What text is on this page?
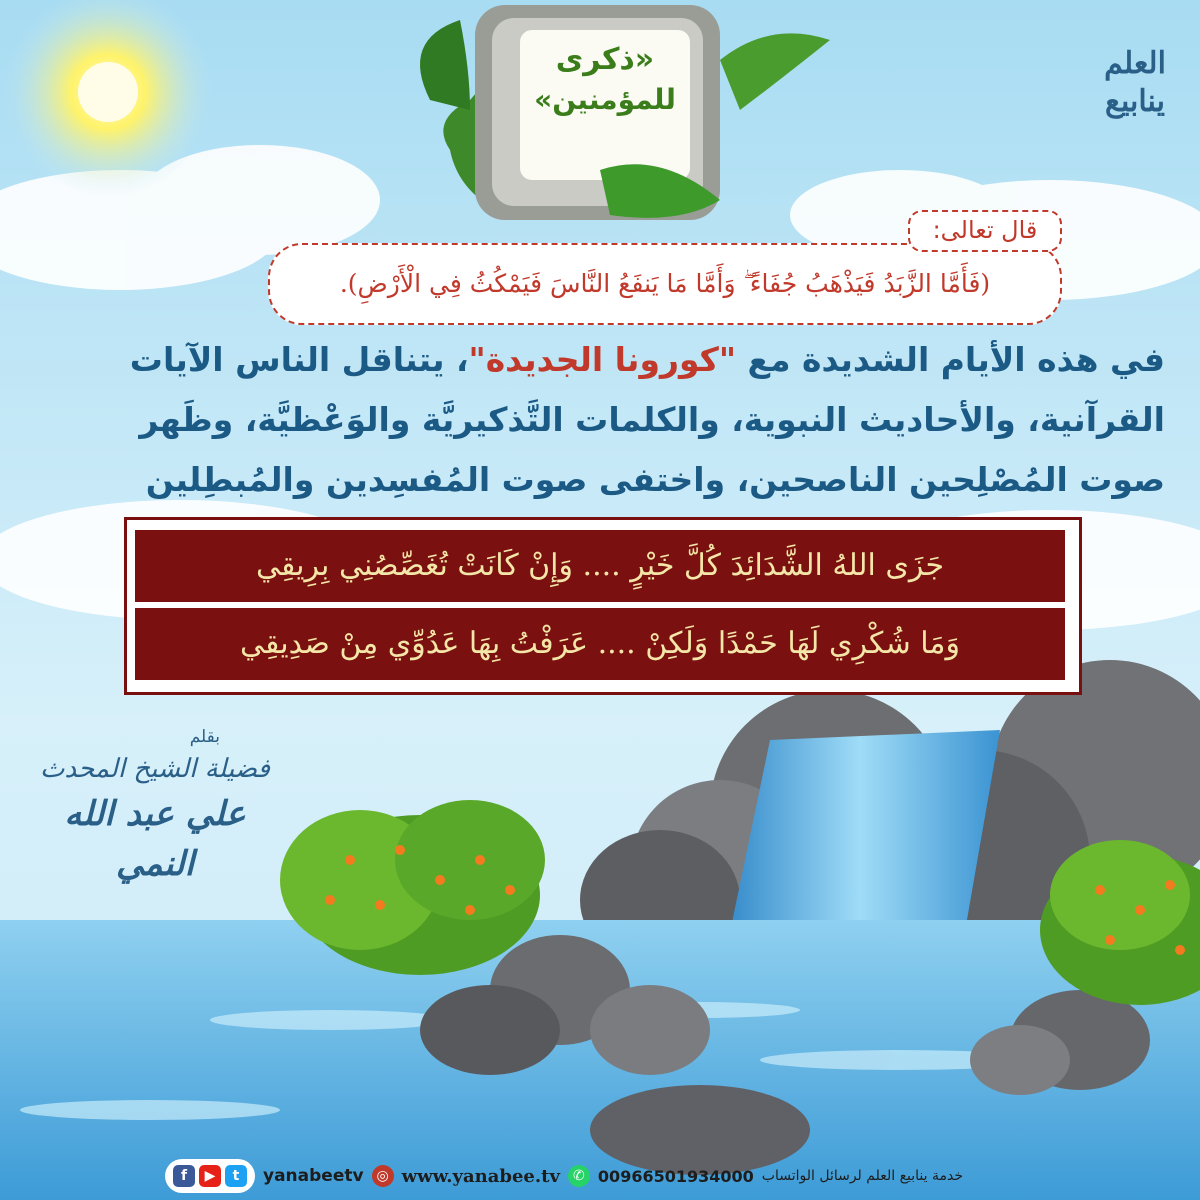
«ذكرى
للمؤمنين»
العلم
ينابيع
(فَأَمَّا الزَّبَدُ فَيَذْهَبُ جُفَاءً ۖ وَأَمَّا مَا يَنفَعُ النَّاسَ فَيَمْكُثُ فِي الْأَرْضِ).
قال تعالى:
في هذه الأيام الشديدة مع "كورونا الجديدة"، يتناقل الناس الآيات
القرآنية، والأحاديث النبوية، والكلمات التَّذكيريَّة والوَعْظيَّة، وظَهر
صوت المُصْلِحين الناصحين، واختفى صوت المُفسِدين والمُبطِلين
جَزَى اللهُ الشَّدَائِدَ كُلَّ خَيْرٍ .... وَإِنْ كَانَتْ تُغَصِّصُنِي بِرِيقِي
وَمَا شُكْرِي لَهَا حَمْدًا وَلَكِنْ .... عَرَفْتُ بِهَا عَدُوِّي مِنْ صَدِيقِي
بقلم
فضيلة الشيخ المحدث
علي عبد الله النمي
f	▶	t	yanabeetv ◎ www.yanabee.tv ✆ 00966501934000 خدمة ينابيع العلم لرسائل الواتساب
